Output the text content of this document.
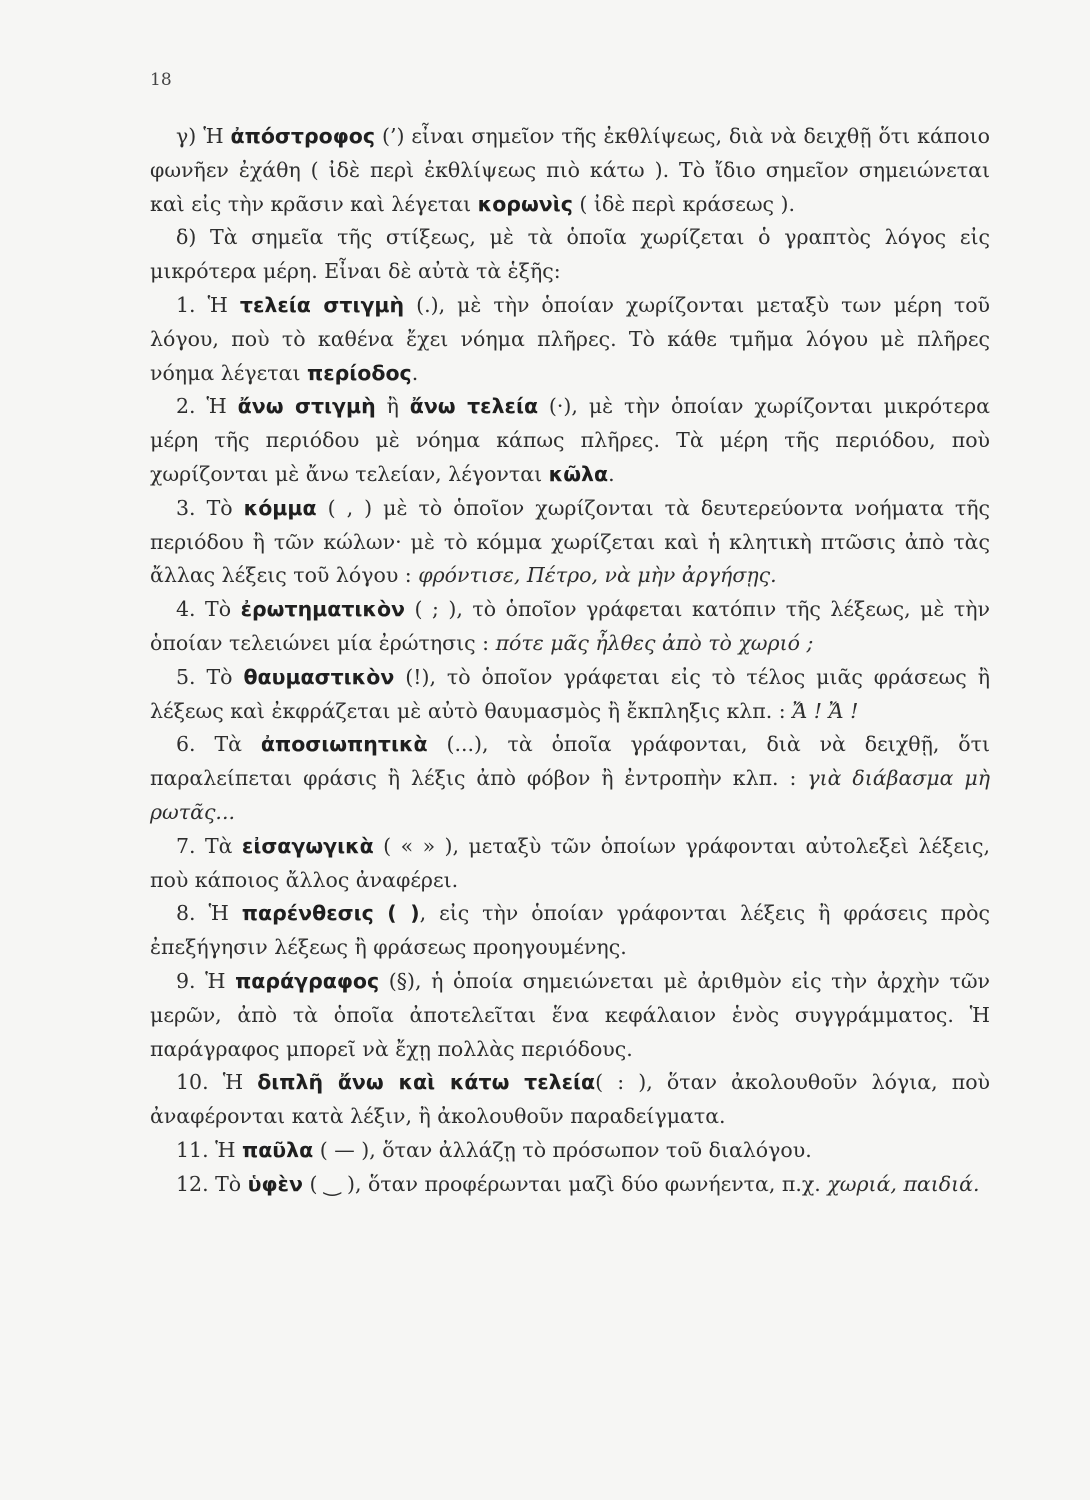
18

γ) Ἡ ἀπόστροφος (’) εἶναι σημεῖον τῆς ἐκθλίψεως, διὰ νὰ δειχθῇ ὅτι κάποιο φωνῆεν ἐχάθη ( ἰδὲ περὶ ἐκθλίψεως πιὸ κάτω ). Τὸ ἴδιο σημεῖον σημειώνεται καὶ εἰς τὴν κρᾶσιν καὶ λέγεται κορωνὶς ( ἰδὲ περὶ κράσεως ).

δ) Τὰ σημεῖα τῆς στίξεως, μὲ τὰ ὁποῖα χωρίζεται ὁ γραπτὸς λόγος εἰς μικρότερα μέρη. Εἶναι δὲ αὐτὰ τὰ ἑξῆς:

1. Ἡ τελεία στιγμὴ (.), μὲ τὴν ὁποίαν χωρίζονται μεταξὺ των μέρη τοῦ λόγου, ποὺ τὸ καθένα ἔχει νόημα πλῆρες. Τὸ κάθε τμῆμα λόγου μὲ πλῆρες νόημα λέγεται περίοδος.

2. Ἡ ἄνω στιγμὴ ἢ ἄνω τελεία (·), μὲ τὴν ὁποίαν χωρίζονται μικρότερα μέρη τῆς περιόδου μὲ νόημα κάπως πλῆρες. Τὰ μέρη τῆς περιόδου, ποὺ χωρίζονται μὲ ἄνω τελείαν, λέγονται κῶλα.

3. Τὸ κόμμα ( , ) μὲ τὸ ὁποῖον χωρίζονται τὰ δευτερεύοντα νοήματα τῆς περιόδου ἢ τῶν κώλων· μὲ τὸ κόμμα χωρίζεται καὶ ἡ κλητικὴ πτῶσις ἀπὸ τὰς ἄλλας λέξεις τοῦ λόγου : φρόντισε, Πέτρο, νὰ μὴν ἀργήσῃς.

4. Τὸ ἐρωτηματικὸν ( ; ), τὸ ὁποῖον γράφεται κατόπιν τῆς λέξεως, μὲ τὴν ὁποίαν τελειώνει μία ἐρώτησις : πότε μᾶς ἦλθες ἀπὸ τὸ χωριό ;

5. Τὸ θαυμαστικὸν (!), τὸ ὁποῖον γράφεται εἰς τὸ τέλος μιᾶς φράσεως ἢ λέξεως καὶ ἐκφράζεται μὲ αὐτὸ θαυμασμὸς ἢ ἔκπληξις κλπ. : Ἄ ! Ἄ !

6. Τὰ ἀποσιωπητικὰ (...), τὰ ὁποῖα γράφονται, διὰ νὰ δειχθῇ, ὅτι παραλείπεται φράσις ἢ λέξις ἀπὸ φόβον ἢ ἐντροπὴν κλπ. : γιὰ διάβασμα μὴ ρωτᾶς...

7. Τὰ εἰσαγωγικὰ ( « » ), μεταξὺ τῶν ὁποίων γράφονται αὐτολεξεὶ λέξεις, ποὺ κάποιος ἄλλος ἀναφέρει.

8. Ἡ παρένθεσις ( ), εἰς τὴν ὁποίαν γράφονται λέξεις ἢ φράσεις πρὸς ἐπεξήγησιν λέξεως ἢ φράσεως προηγουμένης.

9. Ἡ παράγραφος (§), ἡ ὁποία σημειώνεται μὲ ἀριθμὸν εἰς τὴν ἀρχὴν τῶν μερῶν, ἀπὸ τὰ ὁποῖα ἀποτελεῖται ἕνα κεφάλαιον ἑνὸς συγγράμματος. Ἡ παράγραφος μπορεῖ νὰ ἔχῃ πολλὰς περιόδους.

10. Ἡ διπλῆ ἄνω καὶ κάτω τελεία( : ), ὅταν ἀκολουθοῦν λόγια, ποὺ ἀναφέρονται κατὰ λέξιν, ἢ ἀκολουθοῦν παραδείγματα.

11. Ἡ παῦλα ( — ), ὅταν ἀλλάζῃ τὸ πρόσωπον τοῦ διαλόγου.

12. Τὸ ὑφὲν ( ‿ ), ὅταν προφέρωνται μαζὶ δύο φωνήεντα, π.χ. χωριά, παιδιά.
